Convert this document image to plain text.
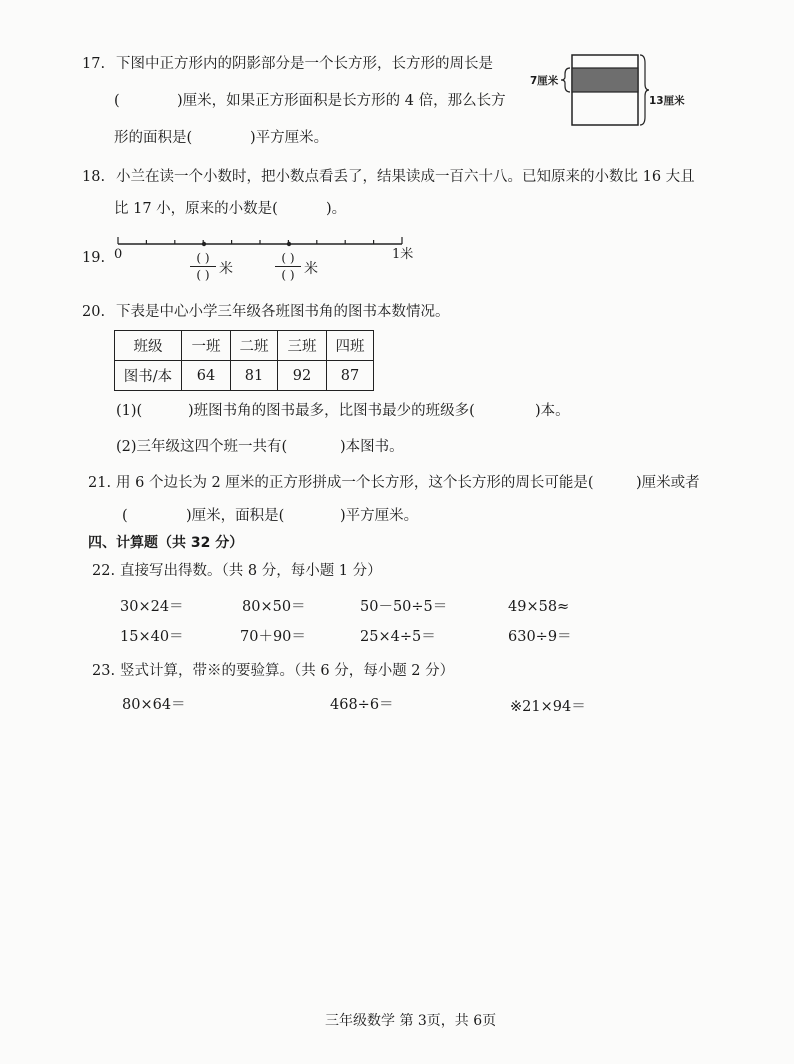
17. 下图中正方形内的阴影部分是一个长方形，长方形的周长是
(	)厘米，如果正方形面积是长方形的 4 倍，那么长方
形的面积是(	)平方厘米。
7厘米
13厘米
18. 小兰在读一个小数时，把小数点看丢了，结果读成一百六十八。已知原来的小数比 16 大且
比 17 小，原来的小数是(	)。
19. 0	1米
( )
( ) 米
( )
( ) 米
20. 下表是中心小学三年级各班图书角的图书本数情况。
班级	一班	二班	三班	四班
图书/本	64	81	92	87
(1)(	)班图书角的图书最多，比图书最少的班级多(	)本。
(2)三年级这四个班一共有(	)本图书。
21. 用 6 个边长为 2 厘米的正方形拼成一个长方形，这个长方形的周长可能是(	)厘米或者
(	)厘米，面积是(	)平方厘米。
四、计算题（共 32 分）
22. 直接写出得数。（共 8 分，每小题 1 分）
30×24＝	80×50＝	50－50÷5＝	49×58≈
15×40＝	70＋90＝	25×4÷5＝	630÷9＝
23. 竖式计算，带※的要验算。（共 6 分，每小题 2 分）
80×64＝	468÷6＝	※21×94＝
三年级数学 第 3页，共 6页
